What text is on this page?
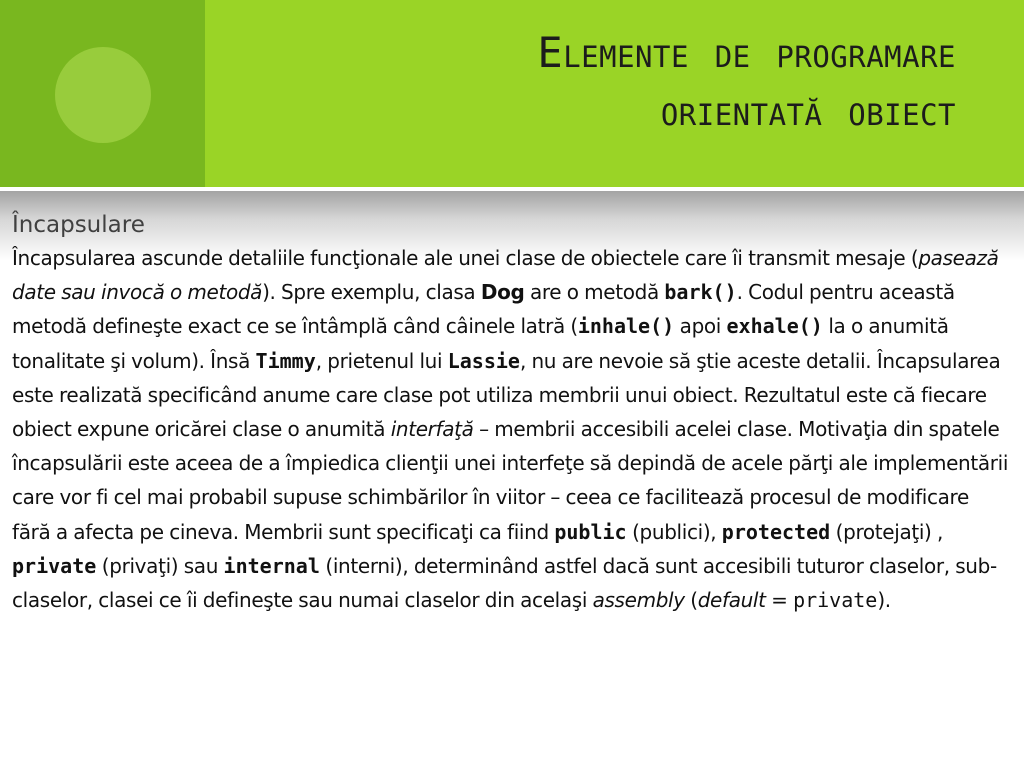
Elemente de programare
orientată obiect

Încapsulare

Încapsularea ascunde detaliile funcţionale ale unei clase de obiectele care îi transmit mesaje (pasează date sau invocă o metodă). Spre exemplu, clasa Dog are o metodă bark(). Codul pentru această metodă defineşte exact ce se întâmplă când câinele latră (inhale() apoi exhale() la o anumită tonalitate şi volum). Însă Timmy, prietenul lui Lassie, nu are nevoie să ştie aceste detalii. Încapsularea este realizată specificând anume care clase pot utiliza membrii unui obiect. Rezultatul este că fiecare obiect expune oricărei clase o anumită interfaţă – membrii accesibili acelei clase. Motivaţia din spatele încapsulării este aceea de a împiedica clienţii unei interfeţe să depindă de acele părţi ale implementării care vor fi cel mai probabil supuse schimbărilor în viitor – ceea ce facilitează procesul de modificare fără a afecta pe cineva. Membrii sunt specificaţi ca fiind public (publici), protected (protejaţi) , private (privaţi) sau internal (interni), determinând astfel dacă sunt accesibili tuturor claselor, sub-claselor, clasei ce îi defineşte sau numai claselor din acelaşi assembly (default = private).
